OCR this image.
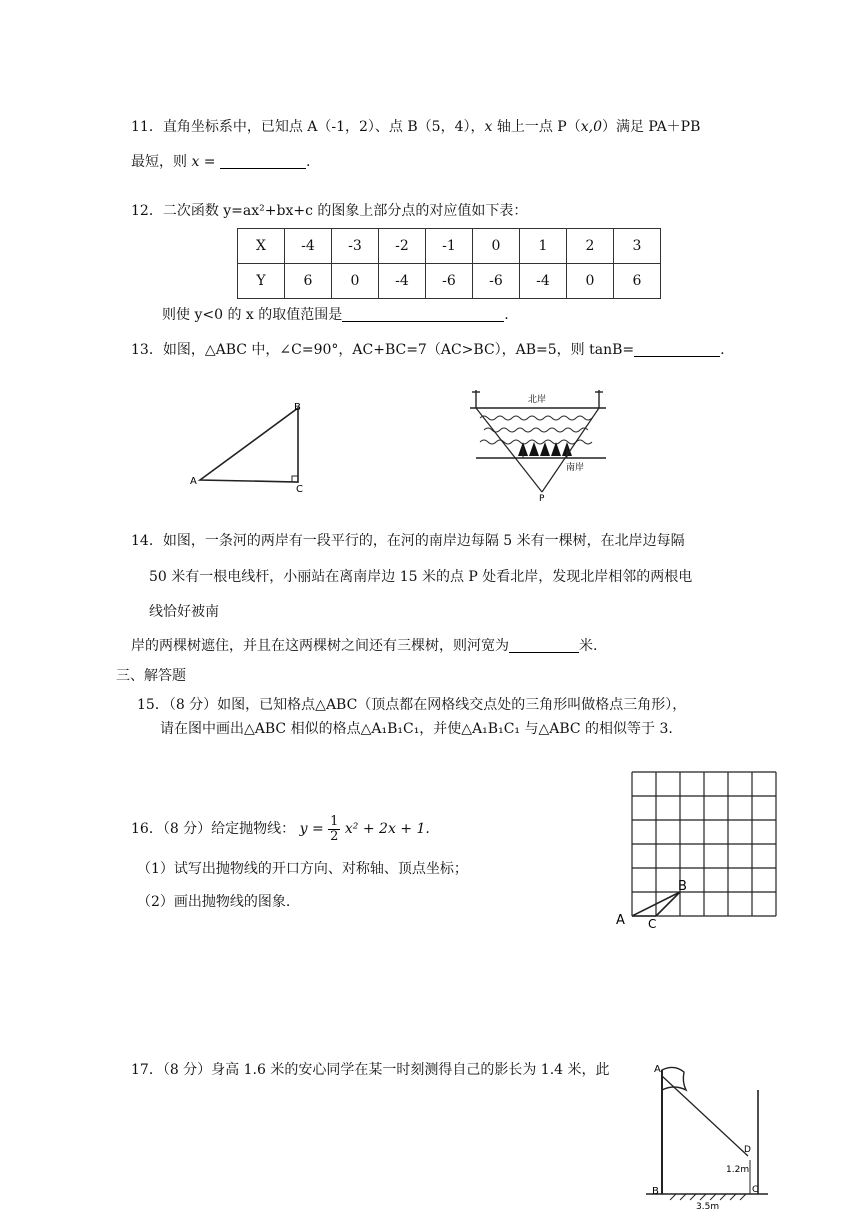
11．直角坐标系中，已知点 A（-1，2）、点 B（5，4），x 轴上一点 P（x,0）满足 PA＋PB
最短，则 x =	.
12．二次函数 y=ax²+bx+c 的图象上部分点的对应值如下表：
X	-4	-3	-2	-1	0	1	2	3
Y	6	0	-4	-6	-6	-4	0	6
则使 y<0 的 x 的取值范围是	.
13．如图，△ABC 中，∠C=90°，AC+BC=7（AC>BC），AB=5，则 tanB=	.
A
B
C
北岸
南岸
P
14．如图，一条河的两岸有一段平行的，在河的南岸边每隔 5 米有一棵树，在北岸边每隔
50 米有一根电线杆，小丽站在离南岸边 15 米的点 P 处看北岸，发现北岸相邻的两根电
线恰好被南
岸的两棵树遮住，并且在这两棵树之间还有三棵树，则河宽为	米.
三、解答题
15．（8 分）如图，已知格点△ABC（顶点都在网格线交点处的三角形叫做格点三角形），
请在图中画出△ABC 相似的格点△A₁B₁C₁，并使△A₁B₁C₁ 与△ABC 的相似等于 3.
A
B
C
16．（8 分）给定抛物线： $y = \frac{1}{2} x^2 + 2x + 1$.
（1）试写出抛物线的开口方向、对称轴、顶点坐标；
（2）画出抛物线的图象.
17．（8 分）身高 1.6 米的安心同学在某一时刻测得自己的影长为 1.4 米，此	A
B
D
C
1.2m
3.5m
